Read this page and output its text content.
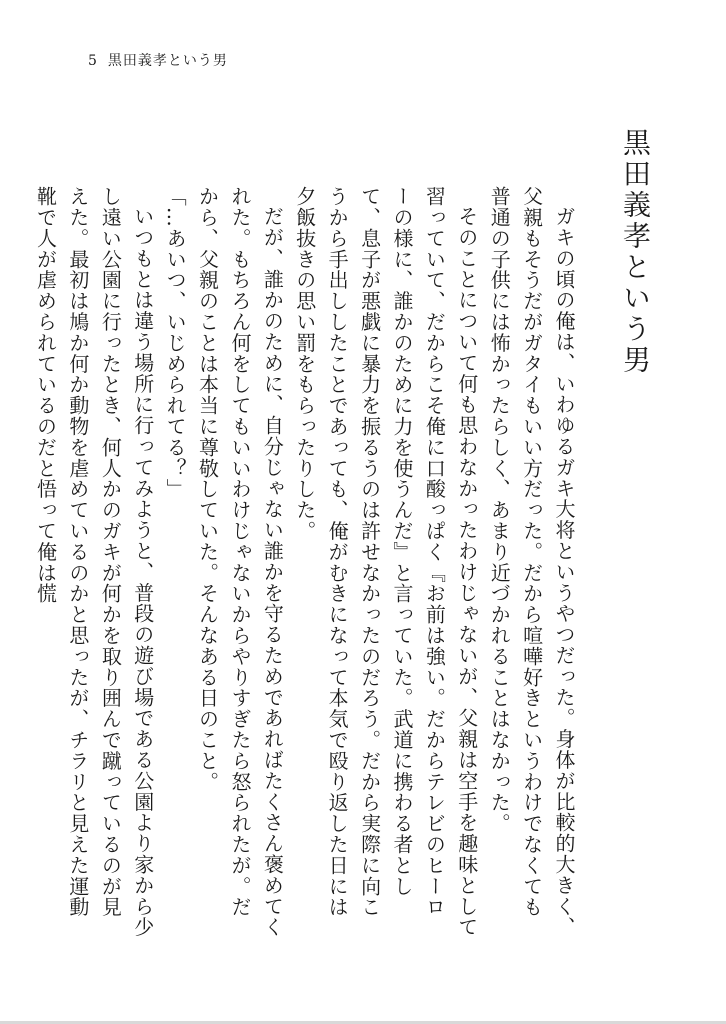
5 黒田義孝という男
黒田義孝という男

ガキの頃の俺は、いわゆるガキ大将というやつだった。身体が比較的大きく、父親もそうだがガタイもいい方だった。だから喧嘩好きというわけでなくても普通の子供には怖かったらしく、あまり近づかれることはなかった。

そのことについて何も思わなかったわけじゃないが、父親は空手を趣味として習っていて、だからこそ俺に口酸っぱく『お前は強い。だからテレビのヒーローの様に、誰かのために力を使うんだ』と言っていた。武道に携わる者として、息子が悪戯に暴力を振るうのは許せなかったのだろう。だから実際に向こうから手出ししたことであっても、俺がむきになって本気で殴り返した日には夕飯抜きの思い罰をもらったりした。

だが、誰かのために、自分じゃない誰かを守るためであればたくさん褒めてくれた。もちろん何をしてもいいわけじゃないからやりすぎたら怒られたが。だから、父親のことは本当に尊敬していた。そんなある日のこと。

「…あいつ、いじめられてる？」

いつもとは違う場所に行ってみようと、普段の遊び場である公園より家から少し遠い公園に行ったとき、何人かのガキが何かを取り囲んで蹴っているのが見えた。最初は鳩か何か動物を虐めているのかと思ったが、チラリと見えた運動靴で人が虐められているのだと悟って俺は慌
